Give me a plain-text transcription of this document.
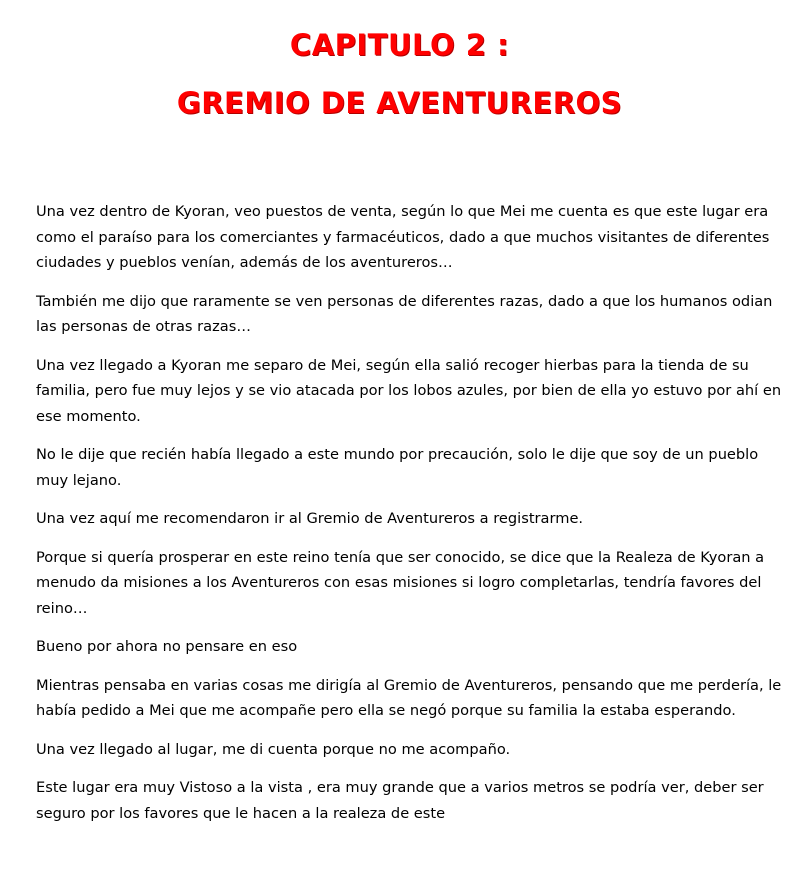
CAPITULO 2 :
GREMIO DE AVENTUREROS

Una vez dentro de Kyoran, veo puestos de venta, según lo que Mei me cuenta es que este lugar era como el paraíso para los comerciantes y farmacéuticos, dado a que muchos visitantes de diferentes ciudades y pueblos venían, además de los aventureros…

También me dijo que raramente se ven personas de diferentes razas, dado a que los humanos odian las personas de otras razas…

Una vez llegado a Kyoran me separo de Mei, según ella salió recoger hierbas para la tienda de su familia, pero fue muy lejos y se vio atacada por los lobos azules, por bien de ella yo estuvo por ahí en ese momento.

No le dije que recién había llegado a este mundo por precaución, solo le dije que soy de un pueblo muy lejano.

Una vez aquí me recomendaron ir al Gremio de Aventureros a registrarme.

Porque si quería prosperar en este reino tenía que ser conocido, se dice que la Realeza de Kyoran a menudo da misiones a los Aventureros con esas misiones si logro completarlas, tendría favores del reino…

Bueno por ahora no pensare en eso

Mientras pensaba en varias cosas me dirigía al Gremio de Aventureros, pensando que me perdería, le había pedido a Mei que me acompañe pero ella se negó porque su familia la estaba esperando.

Una vez llegado al lugar, me di cuenta porque no me acompaño.

Este lugar era muy Vistoso a la vista , era muy grande que a varios metros se podría ver, deber ser seguro por los favores que le hacen a la realeza de este
